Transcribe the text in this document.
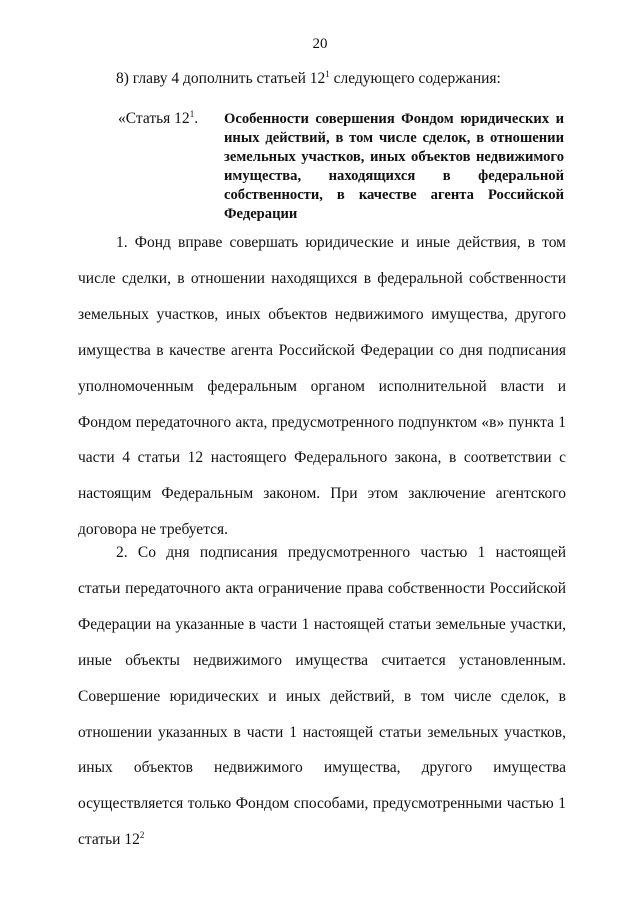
20
8) главу 4 дополнить статьей $12^1$ следующего содержания:
«Статья $12^1$. Особенности совершения Фондом юридических и иных действий, в том числе сделок, в отношении земельных участков, иных объектов недвижимого имущества, находящихся в федеральной собственности, в качестве агента Российской Федерации

1. Фонд вправе совершать юридические и иные действия, в том числе сделки, в отношении находящихся в федеральной собственности земельных участков, иных объектов недвижимого имущества, другого имущества в качестве агента Российской Федерации со дня подписания уполномоченным федеральным органом исполнительной власти и Фондом передаточного акта, предусмотренного подпунктом «в» пункта 1 части 4 статьи 12 настоящего Федерального закона, в соответствии с настоящим Федеральным законом. При этом заключение агентского договора не требуется.

2. Со дня подписания предусмотренного частью 1 настоящей статьи передаточного акта ограничение права собственности Российской Федерации на указанные в части 1 настоящей статьи земельные участки, иные объекты недвижимого имущества считается установленным. Совершение юридических и иных действий, в том числе сделок, в отношении указанных в части 1 настоящей статьи земельных участков, иных объектов недвижимого имущества, другого имущества осуществляется только Фондом способами, предусмотренными частью 1 статьи $12^2$
